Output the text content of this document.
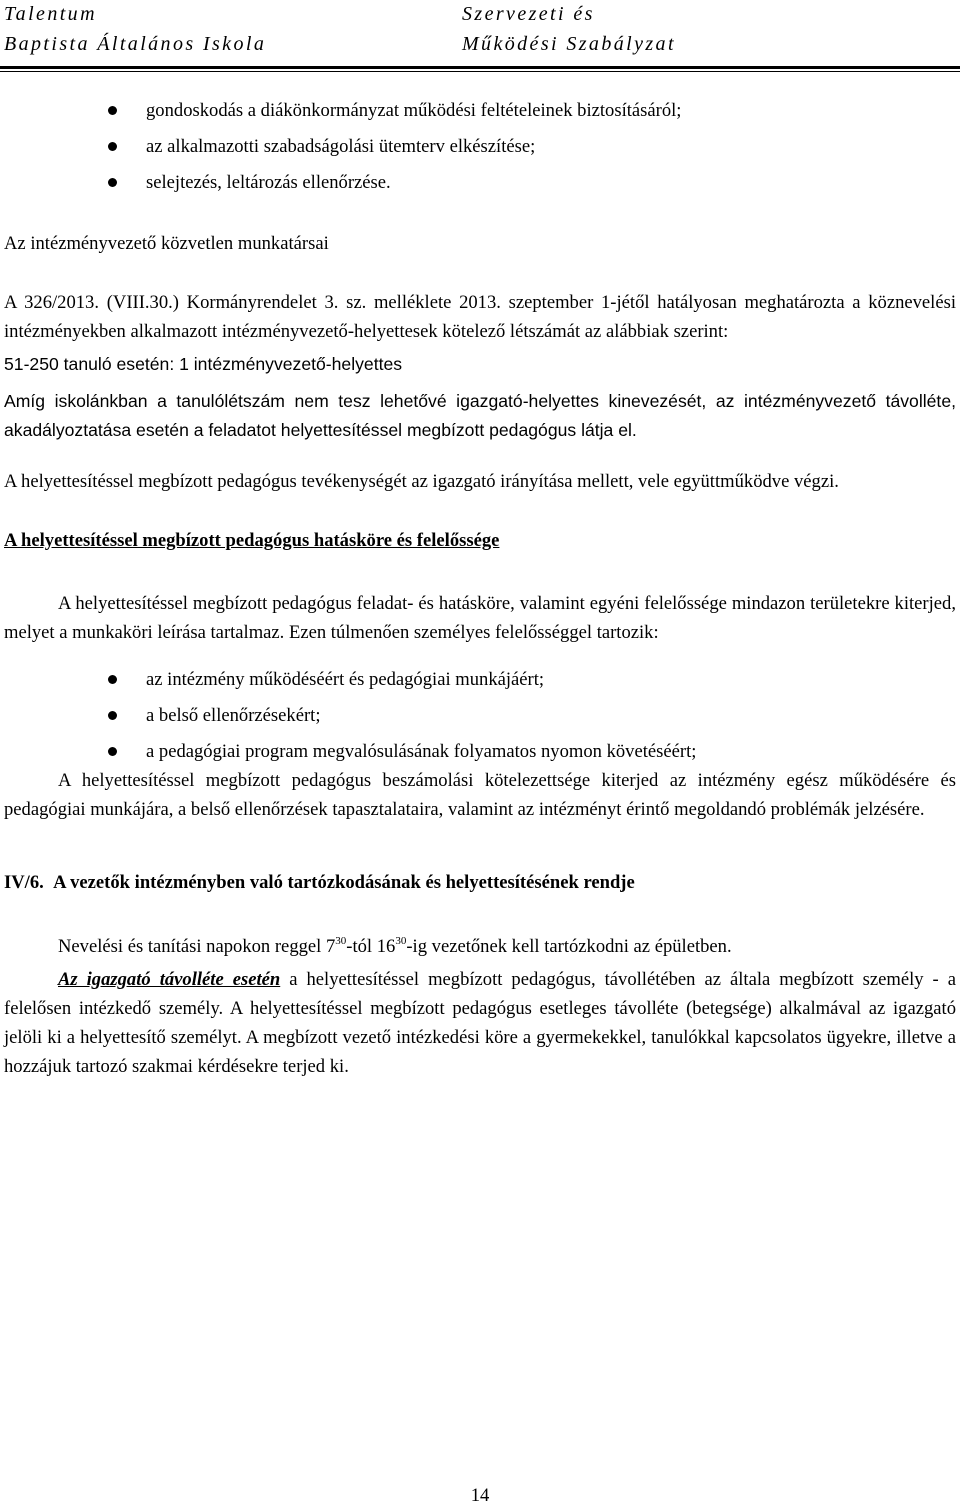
Talentum
Baptista Általános Iskola
Szervezeti és
Működési Szabályzat
gondoskodás a diákönkormányzat működési feltételeinek biztosításáról;
az alkalmazotti szabadságolási ütemterv elkészítése;
selejtezés, leltározás ellenőrzése.

Az intézményvezető közvetlen munkatársai

A 326/2013. (VIII.30.) Kormányrendelet 3. sz. melléklete 2013. szeptember 1-jétől hatályosan meghatározta a köznevelési intézményekben alkalmazott intézményvezető-helyettesek kötelező létszámát az alábbiak szerint:

51-250 tanuló esetén: 1 intézményvezető-helyettes

Amíg iskolánkban a tanulólétszám nem tesz lehetővé igazgató-helyettes kinevezését, az intézményvezető távolléte, akadályoztatása esetén a feladatot helyettesítéssel megbízott pedagógus látja el.

A helyettesítéssel megbízott pedagógus tevékenységét az igazgató irányítása mellett, vele együttműködve végzi.

A helyettesítéssel megbízott pedagógus hatásköre és felelőssége

A helyettesítéssel megbízott pedagógus feladat- és hatásköre, valamint egyéni felelőssége mindazon területekre kiterjed, melyet a munkaköri leírása tartalmaz. Ezen túlmenően személyes felelősséggel tartozik:

az intézmény működéséért és pedagógiai munkájáért;
a belső ellenőrzésekért;
a pedagógiai program megvalósulásának folyamatos nyomon követéséért;

A helyettesítéssel megbízott pedagógus beszámolási kötelezettsége kiterjed az intézmény egész működésére és pedagógiai munkájára, a belső ellenőrzések tapasztalataira, valamint az intézményt érintő megoldandó problémák jelzésére.

IV/6. A vezetők intézményben való tartózkodásának és helyettesítésének rendje

Nevelési és tanítási napokon reggel $7^{30}$-tól $16^{30}-ig$ vezetőnek kell tartózkodni az épületben.

Az igazgató távolléte esetén a helyettesítéssel megbízott pedagógus, távollétében az általa megbízott személy - a felelősen intézkedő személy. A helyettesítéssel megbízott pedagógus esetleges távolléte (betegsége) alkalmával az igazgató jelöli ki a helyettesítő személyt. A megbízott vezető intézkedési köre a gyermekekkel, tanulókkal kapcsolatos ügyekre, illetve a hozzájuk tartozó szakmai kérdésekre terjed ki.

14
